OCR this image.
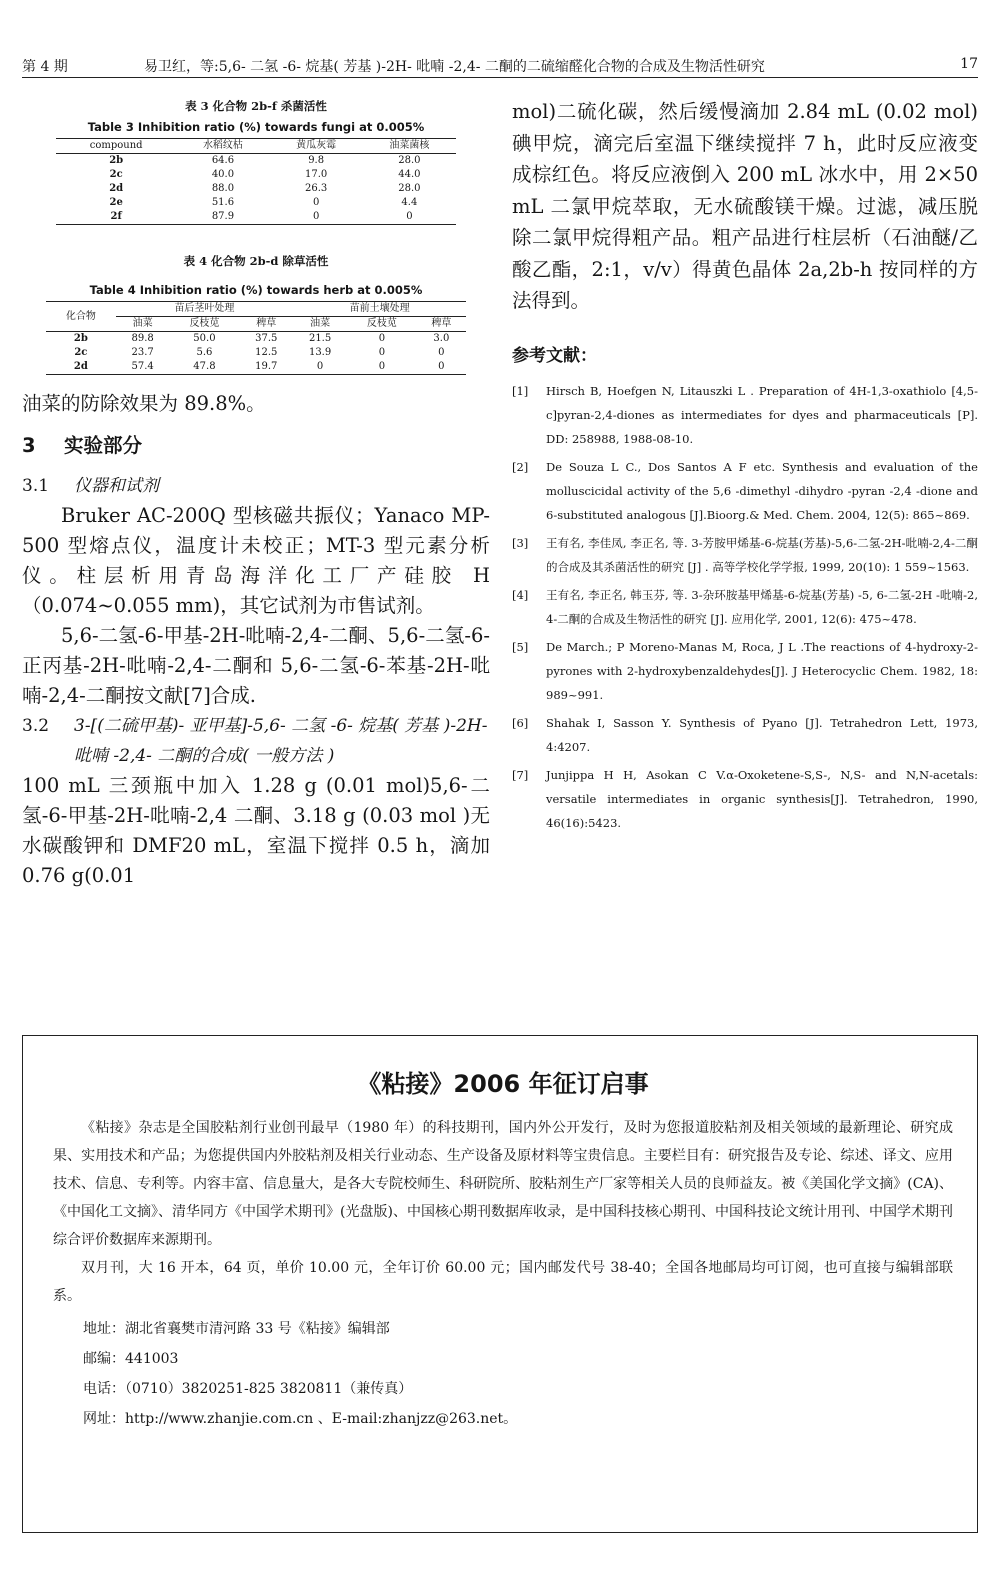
第 4 期	易卫红，等:5,6- 二氢 -6- 烷基( 芳基 )-2H- 吡喃 -2,4- 二酮的二硫缩醛化合物的合成及生物活性研究	17
表 3 化合物 2b-f 杀菌活性
Table 3 Inhibition ratio (%) towards fungi at 0.005%
compound	水稻纹枯	黄瓜灰霉	油菜菌核
2b	64.6	9.8	28.0
2c	40.0	17.0	44.0
2d	88.0	26.3	28.0
2e	51.6	0	4.4
2f	87.9	0	0
表 4 化合物 2b-d 除草活性
Table 4 Inhibition ratio (%) towards herb at 0.005%
化合物	苗后茎叶处理			苗前土壤处理		
	油菜	反枝苋	稗草	油菜	反枝苋	稗草
2b	89.8	50.0	37.5	21.5	0	3.0
2c	23.7	5.6	12.5	13.9	0	0
2d	57.4	47.8	19.7	0	0	0

油菜的防除效果为 89.8%。

3 实验部分
3.1 仪器和试剂

Bruker AC-200Q 型核磁共振仪；Yanaco MP-500 型熔点仪，温度计未校正；MT-3 型元素分析仪。柱层析用青岛海洋化工厂产硅胶 H（0.074~0.055 mm)，其它试剂为市售试剂。

5,6-二氢-6-甲基-2H-吡喃-2,4-二酮、5,6-二氢-6-正丙基-2H-吡喃-2,4-二酮和 5,6-二氢-6-苯基-2H-吡喃-2,4-二酮按文献[7]合成.

3.2	3-[(二硫甲基)- 亚甲基]-5,6- 二氢 -6- 烷基( 芳基 )-2H- 吡喃 -2,4- 二酮的合成( 一般方法 )

100 mL 三颈瓶中加入 1.28 g (0.01 mol)5,6-二氢-6-甲基-2H-吡喃-2,4 二酮、3.18 g (0.03 mol )无水碳酸钾和 DMF20 mL，室温下搅拌 0.5 h，滴加 0.76 g(0.01

mol)二硫化碳，然后缓慢滴加 2.84 mL (0.02 mol)碘甲烷，滴完后室温下继续搅拌 7 h，此时反应液变成棕红色。将反应液倒入 200 mL 冰水中，用 2×50 mL 二氯甲烷萃取，无水硫酸镁干燥。过滤，减压脱除二氯甲烷得粗产品。粗产品进行柱层析（石油醚/乙酸乙酯，2:1，v/v）得黄色晶体 2a,2b-h 按同样的方法得到。

参考文献：
[1] Hirsch B, Hoefgen N, Litauszki L . Preparation of 4H-1,3-oxathiolo [4,5-c]pyran-2,4-diones as intermediates for dyes and pharmaceuticals [P]. DD: 258988, 1988-08-10.
[2] De Souza L C., Dos Santos A F etc. Synthesis and evaluation of the molluscicidal activity of the 5,6 -dimethyl -dihydro -pyran -2,4 -dione and 6-substituted analogous [J].Bioorg.& Med. Chem. 2004, 12(5): 865~869.
[3] 王有名, 李佳凤, 李正名, 等. 3-芳胺甲烯基-6-烷基(芳基)-5,6-二氢-2H-吡喃-2,4-二酮的合成及其杀菌活性的研究 [J] . 高等学校化学学报, 1999, 20(10): 1 559~1563.
[4] 王有名, 李正名, 韩玉芬, 等. 3-杂环胺基甲烯基-6-烷基(芳基) -5, 6-二氢-2H -吡喃-2, 4-二酮的合成及生物活性的研究 [J]. 应用化学, 2001, 12(6): 475~478.
[5] De March.; P Moreno-Manas M, Roca, J L .The reactions of 4-hydroxy-2-pyrones with 2-hydroxybenzaldehydes[J]. J Heterocyclic Chem. 1982, 18: 989~991.
[6] Shahak I, Sasson Y. Synthesis of Pyano [J]. Tetrahedron Lett, 1973, 4:4207.
[7] Junjippa H H, Asokan C V.α-Oxoketene-S,S-, N,S- and N,N-acetals: versatile intermediates in organic synthesis[J]. Tetrahedron, 1990, 46(16):5423.
《粘接》2006 年征订启事

《粘接》杂志是全国胶粘剂行业创刊最早（1980 年）的科技期刊，国内外公开发行，及时为您报道胶粘剂及相关领域的最新理论、研究成果、实用技术和产品；为您提供国内外胶粘剂及相关行业动态、生产设备及原材料等宝贵信息。主要栏目有：研究报告及专论、综述、译文、应用技术、信息、专利等。内容丰富、信息量大，是各大专院校师生、科研院所、胶粘剂生产厂家等相关人员的良师益友。被《美国化学文摘》(CA)、《中国化工文摘》、清华同方《中国学术期刊》(光盘版)、中国核心期刊数据库收录，是中国科技核心期刊、中国科技论文统计用刊、中国学术期刊综合评价数据库来源期刊。

双月刊，大 16 开本，64 页，单价 10.00 元，全年订价 60.00 元；国内邮发代号 38-40；全国各地邮局均可订阅，也可直接与编辑部联系。

地址：湖北省襄樊市清河路 33 号《粘接》编辑部
邮编：441003
电话：（0710）3820251-825 3820811（兼传真）
网址：http://www.zhanjie.com.cn 、E-mail:zhanjzz@263.net。
